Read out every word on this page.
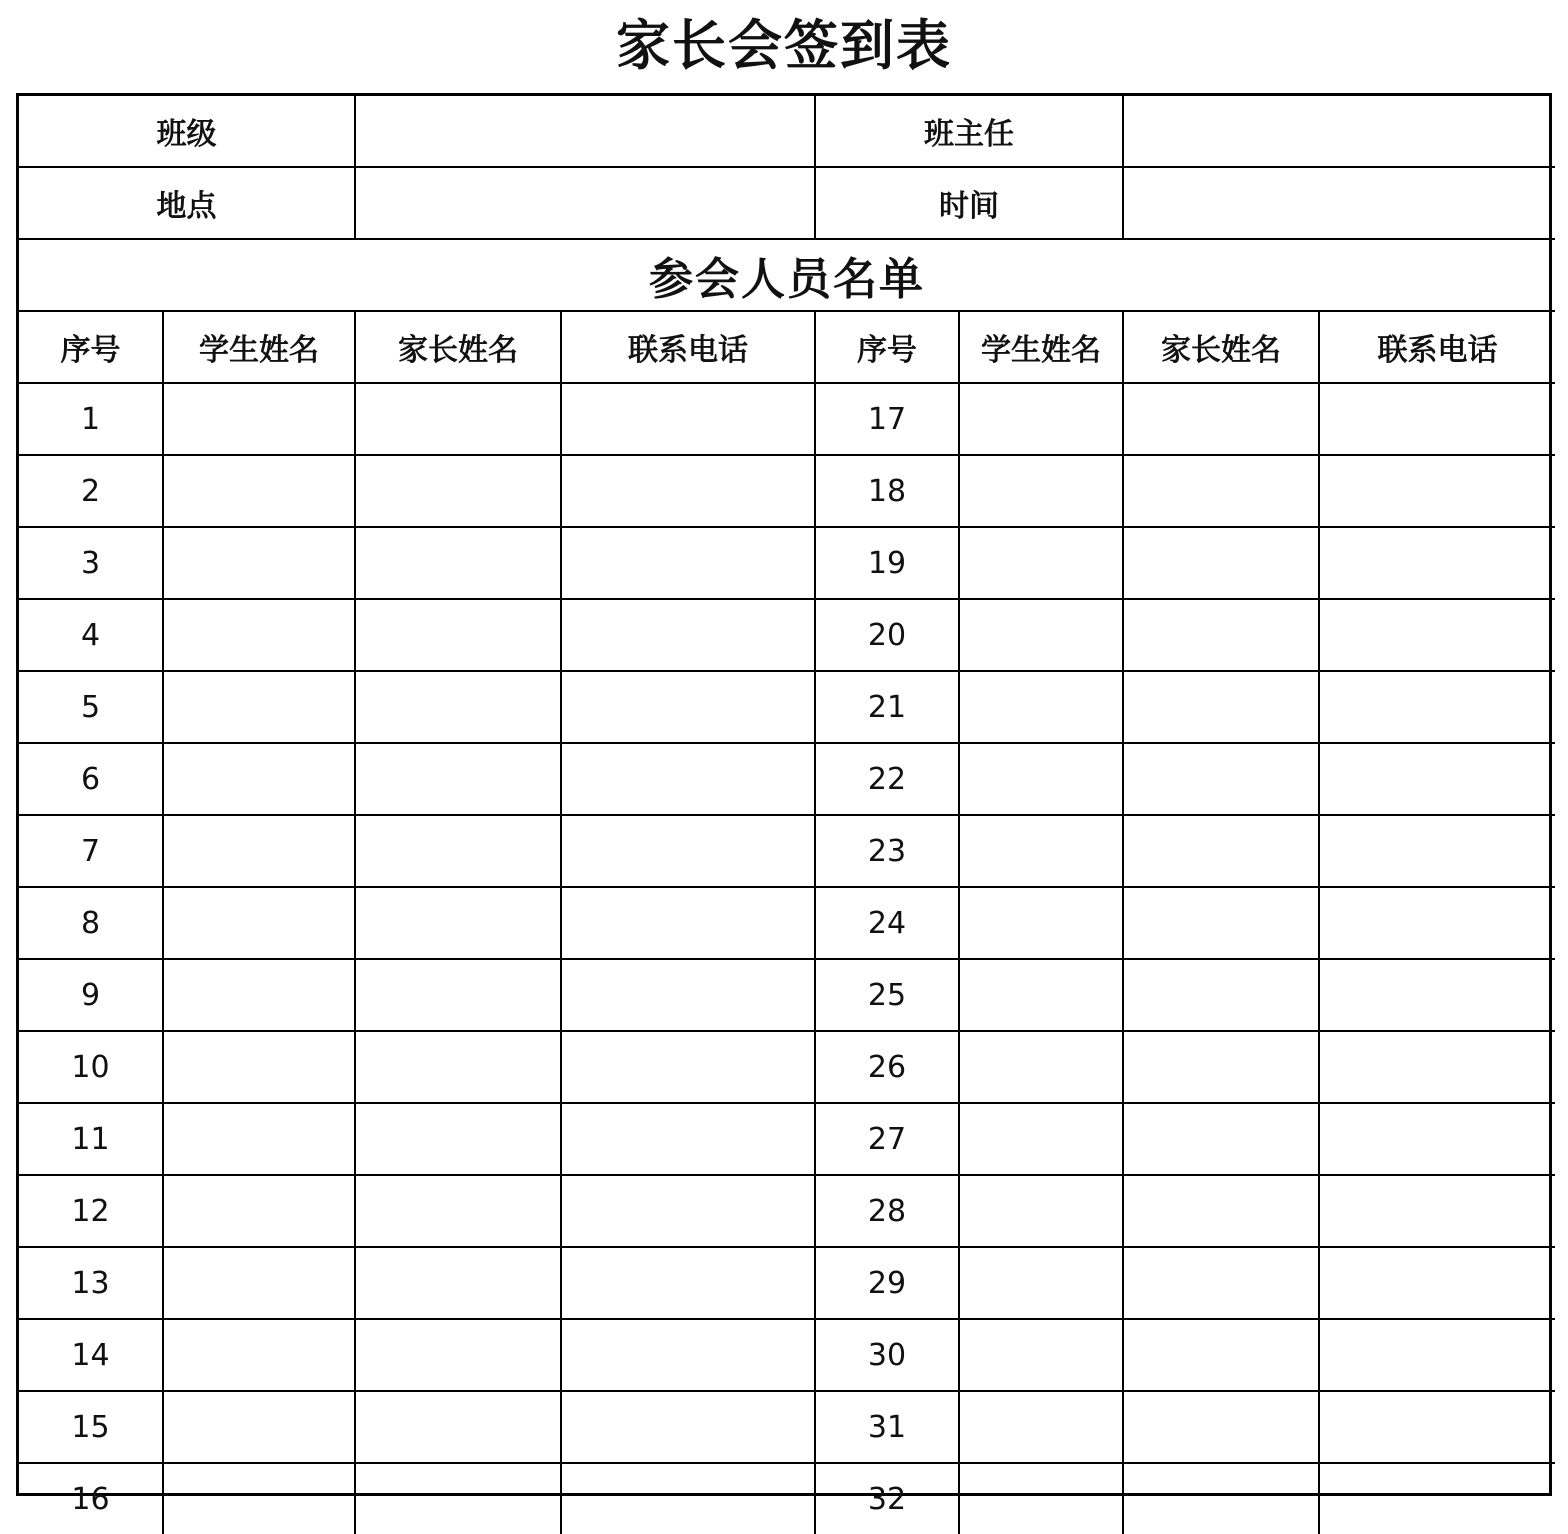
家长会签到表
班级				班主任			
地点				时间			
参会人员名单							
序号	学生姓名	家长姓名	联系电话	序号	学生姓名	家长姓名	联系电话
1				17			
2				18			
3				19			
4				20			
5				21			
6				22			
7				23			
8				24			
9				25			
10				26			
11				27			
12				28			
13				29			
14				30			
15				31			
16				32			
